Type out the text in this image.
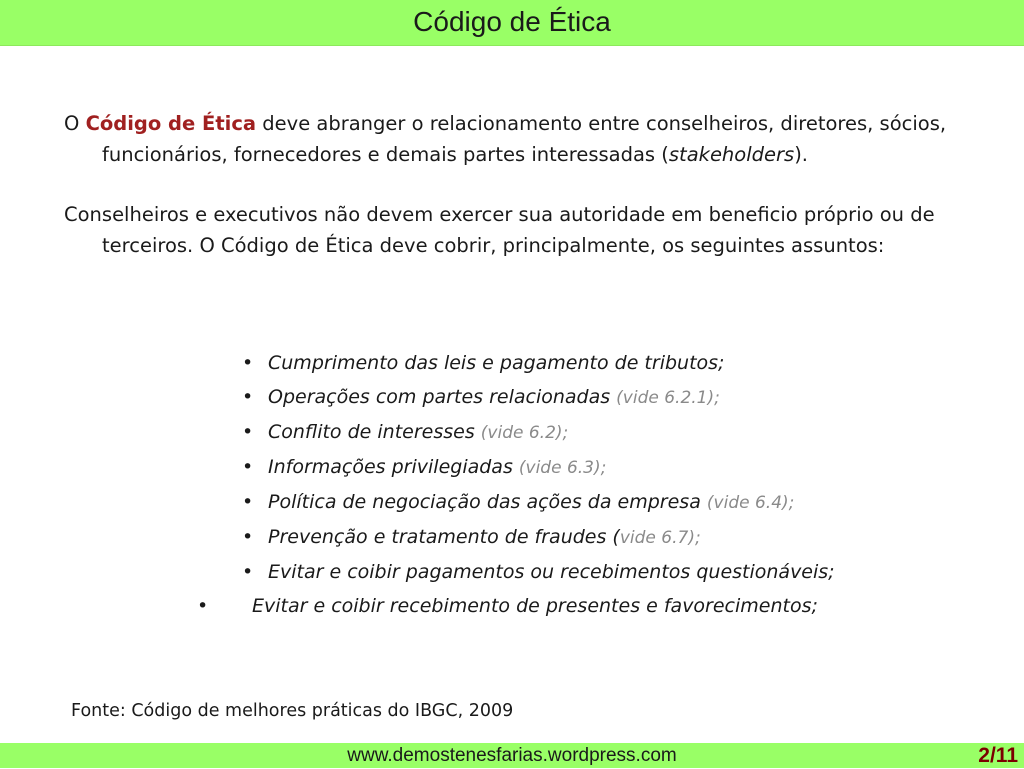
Código de Ética

O Código de Ética deve abranger o relacionamento entre conselheiros, diretores, sócios, funcionários, fornecedores e demais partes interessadas (stakeholders).

Conselheiros e executivos não devem exercer sua autoridade em beneficio próprio ou de terceiros. O Código de Ética deve cobrir, principalmente, os seguintes assuntos:

• Cumprimento das leis e pagamento de tributos;
• Operações com partes relacionadas (vide 6.2.1);
• Conflito de interesses (vide 6.2);
• Informações privilegiadas (vide 6.3);
• Política de negociação das ações da empresa (vide 6.4);
• Prevenção e tratamento de fraudes (vide 6.7);
• Evitar e coibir pagamentos ou recebimentos questionáveis;
• Evitar e coibir recebimento de presentes e favorecimentos;

Fonte: Código de melhores práticas do IBGC, 2009

www.demostenesfarias.wordpress.com	2/11
